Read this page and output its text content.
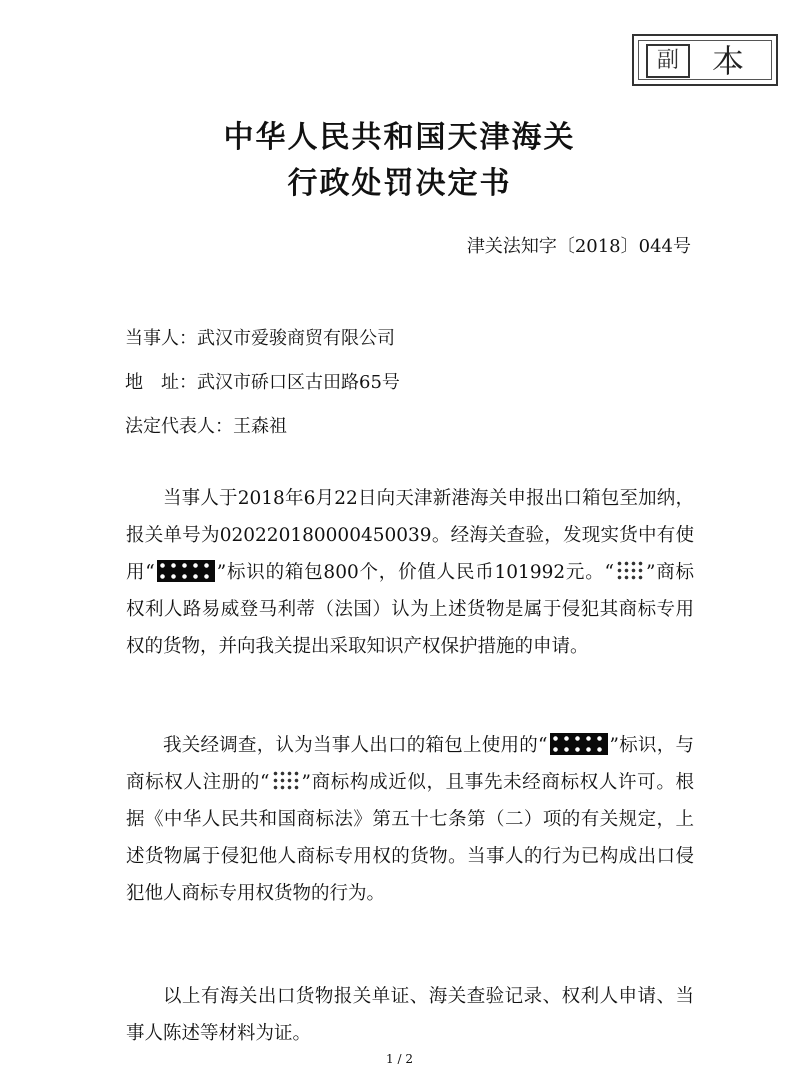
副	本
中华人民共和国天津海关
行政处罚决定书
津关法知字〔2018〕044号
当事人：武汉市爱骏商贸有限公司
地　址：武汉市硚口区古田路65号
法定代表人：王森祖

当事人于2018年6月22日向天津新港海关申报出口箱包至加纳，报关单号为020220180000450039。经海关查验，发现实货中有使用“	”标识的箱包800个，价值人民币101992元。“ ”商标权利人路易威登马利蒂（法国）认为上述货物是属于侵犯其商标专用权的货物，并向我关提出采取知识产权保护措施的申请。

我关经调查，认为当事人出口的箱包上使用的“	”标识，与商标权人注册的“ ”商标构成近似，且事先未经商标权人许可。根据《中华人民共和国商标法》第五十七条第（二）项的有关规定，上述货物属于侵犯他人商标专用权的货物。当事人的行为已构成出口侵犯他人商标专用权货物的行为。

以上有海关出口货物报关单证、海关查验记录、权利人申请、当事人陈述等材料为证。

1 / 2
